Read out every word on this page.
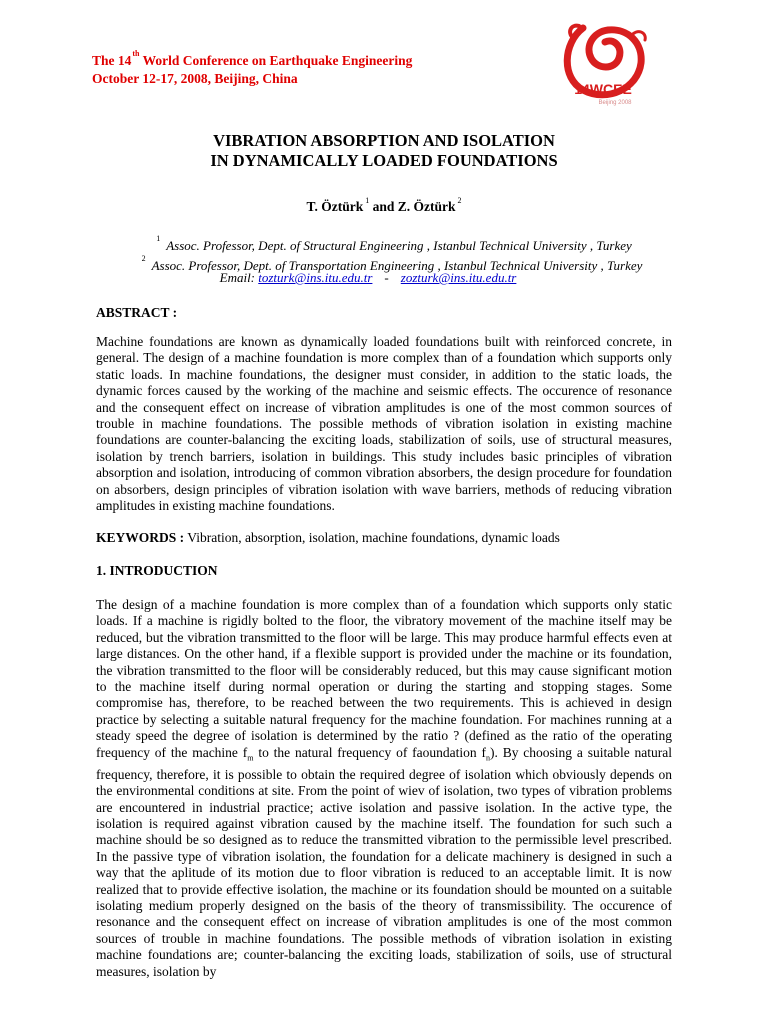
The 14th World Conference on Earthquake Engineering
October 12-17, 2008, Beijing, China
14WCEE
Beijing 2008
VIBRATION ABSORPTION AND ISOLATION
IN DYNAMICALLY LOADED FOUNDATIONS
T. Öztürk $^1$ and Z. Öztürk $^2$
$^1$ Assoc. Professor, Dept. of Structural Engineering , Istanbul Technical University , Turkey
$^2$ Assoc. Professor, Dept. of Transportation Engineering , Istanbul Technical University , Turkey
Email: tozturk@ins.itu.edu.tr - zozturk@ins.itu.edu.tr
ABSTRACT :

Machine foundations are known as dynamically loaded foundations built with reinforced concrete, in general. The design of a machine foundation is more complex than of a foundation which supports only static loads. In machine foundations, the designer must consider, in addition to the static loads, the dynamic forces caused by the working of the machine and seismic effects. The occurence of resonance and the consequent effect on increase of vibration amplitudes is one of the most common sources of trouble in machine foundations. The possible methods of vibration isolation in existing machine foundations are counter-balancing the exciting loads, stabilization of soils, use of structural measures, isolation by trench barriers, isolation in buildings. This study includes basic principles of vibration absorption and isolation, introducing of common vibration absorbers, the design procedure for foundation on absorbers, design principles of vibration isolation with wave barriers, methods of reducing vibration amplitudes in existing machine foundations.

KEYWORDS : Vibration, absorption, isolation, machine foundations, dynamic loads
1. INTRODUCTION

The design of a machine foundation is more complex than of a foundation which supports only static loads. If a machine is rigidly bolted to the floor, the vibratory movement of the machine itself may be reduced, but the vibration transmitted to the floor will be large. This may produce harmful effects even at large distances. On the other hand, if a flexible support is provided under the machine or its foundation, the vibration transmitted to the floor will be considerably reduced, but this may cause significant motion to the machine itself during normal operation or during the starting and stopping stages. Some compromise has, therefore, to be reached between the two requirements. This is achieved in design practice by selecting a suitable natural frequency for the machine foundation. For machines running at a steady speed the degree of isolation is determined by the ratio ? (defined as the ratio of the operating frequency of the machine $f_m$ to the natural frequency of faoundation $f_n$). By choosing a suitable natural frequency, therefore, it is possible to obtain the required degree of isolation which obviously depends on the environmental conditions at site. From the point of wiev of isolation, two types of vibration problems are encountered in industrial practice; active isolation and passive isolation. In the active type, the isolation is required against vibration caused by the machine itself. The foundation for such such a machine should be so designed as to reduce the transmitted vibration to the permissible level prescribed. In the passive type of vibration isolation, the foundation for a delicate machinery is designed in such a way that the aplitude of its motion due to floor vibration is reduced to an acceptable limit. It is now realized that to provide effective isolation, the machine or its foundation should be mounted on a suitable isolating medium properly designed on the basis of the theory of transmissibility. The occurence of resonance and the consequent effect on increase of vibration amplitudes is one of the most common sources of trouble in machine foundations. The possible methods of vibration isolation in existing machine foundations are; counter-balancing the exciting loads, stabilization of soils, use of structural measures, isolation by
